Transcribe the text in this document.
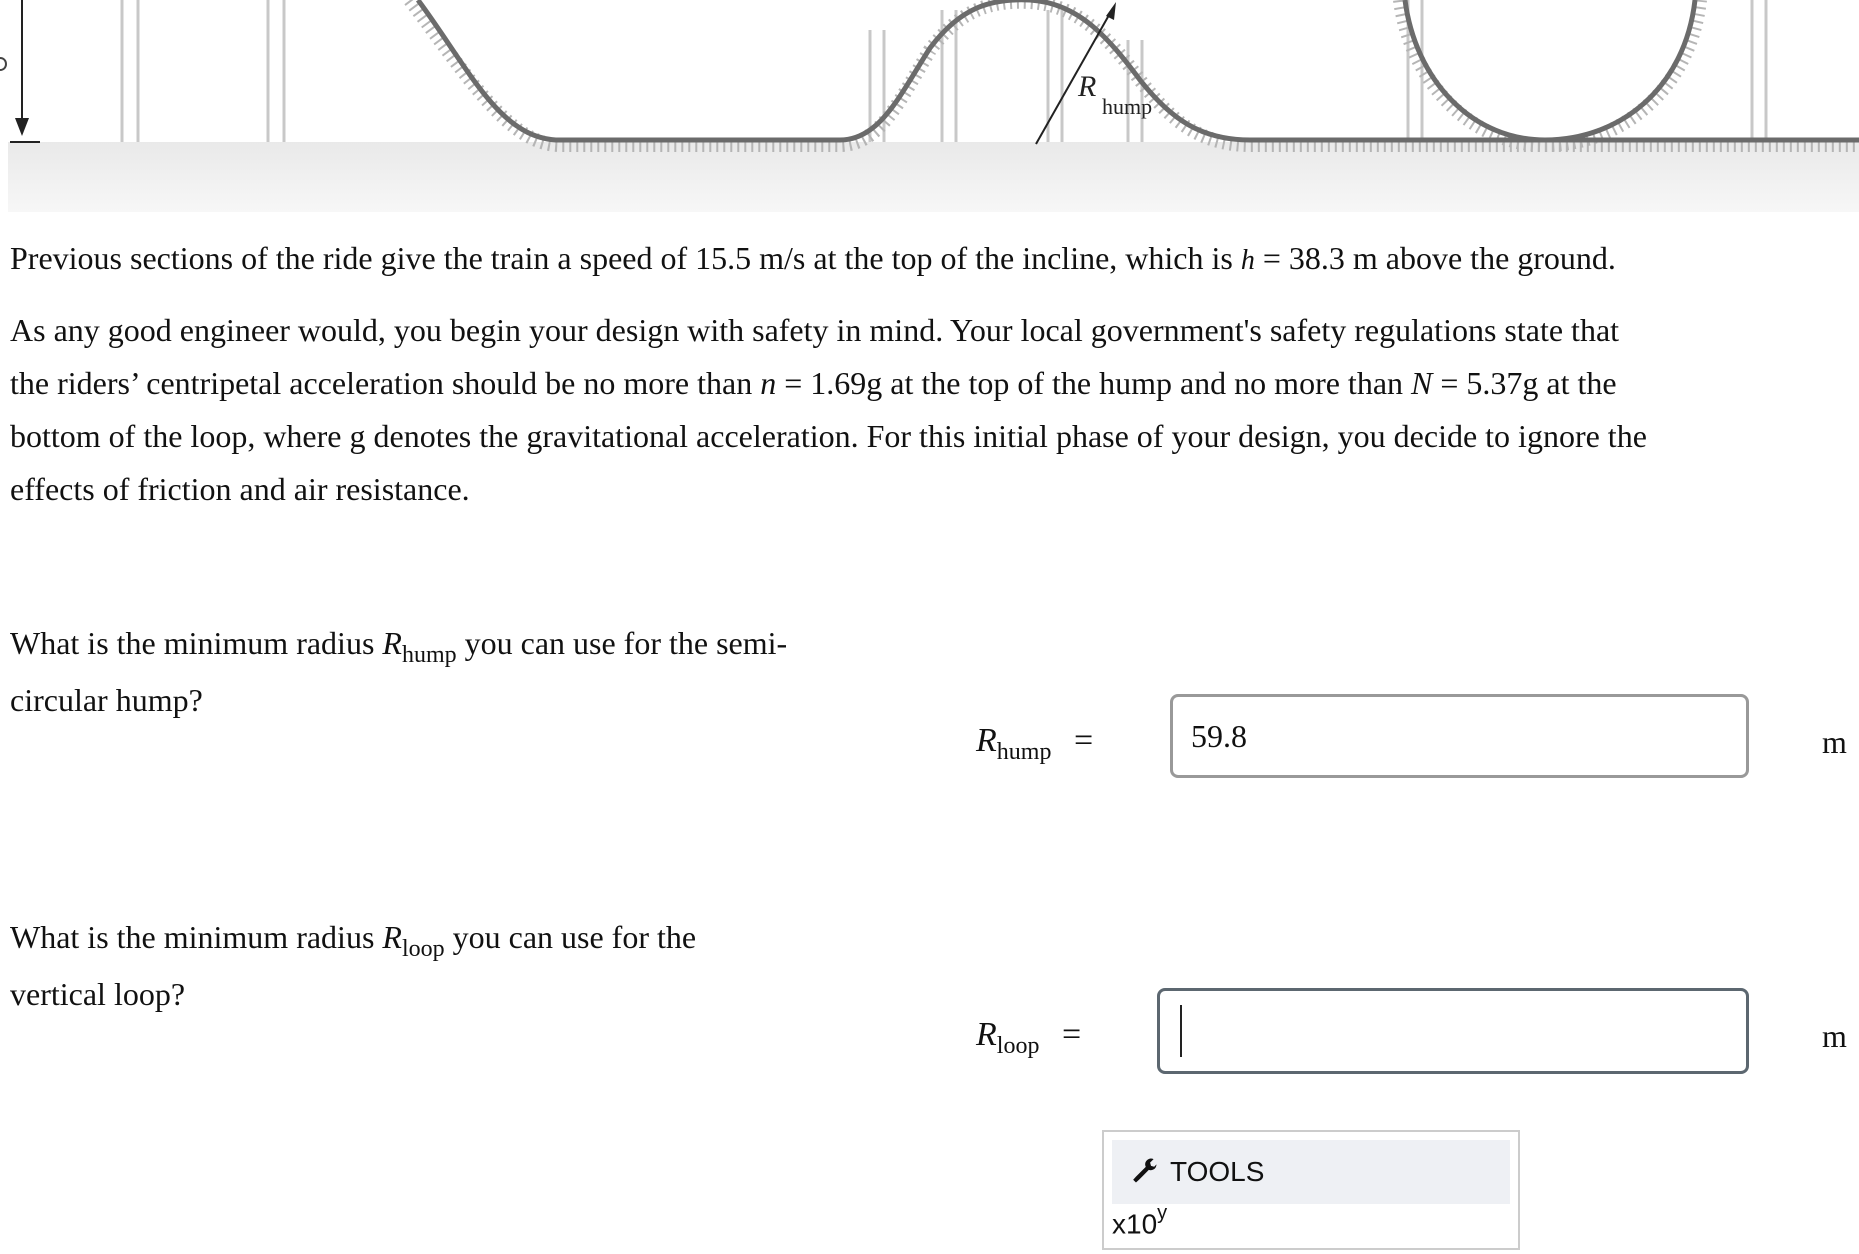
R
hump
Previous sections of the ride give the train a speed of 15.5 m/s at the top of the incline, which is h = 38.3 m above the ground.
As any good engineer would, you begin your design with safety in mind. Your local government's safety regulations state that
the riders’ centripetal acceleration should be no more than n = 1.69g at the top of the hump and no more than N = 5.37g at the
bottom of the loop, where g denotes the gravitational acceleration. For this initial phase of your design, you decide to ignore the
effects of friction and air resistance.
What is the minimum radius $R_{hump}$ you can use for the semi-
circular hump?
$R_{hump}$ =
59.8	m
What is the minimum radius $R_{loop}$ you can use for the
vertical loop?
$R_{loop}$ =	m
TOOLS
x10$^y$
